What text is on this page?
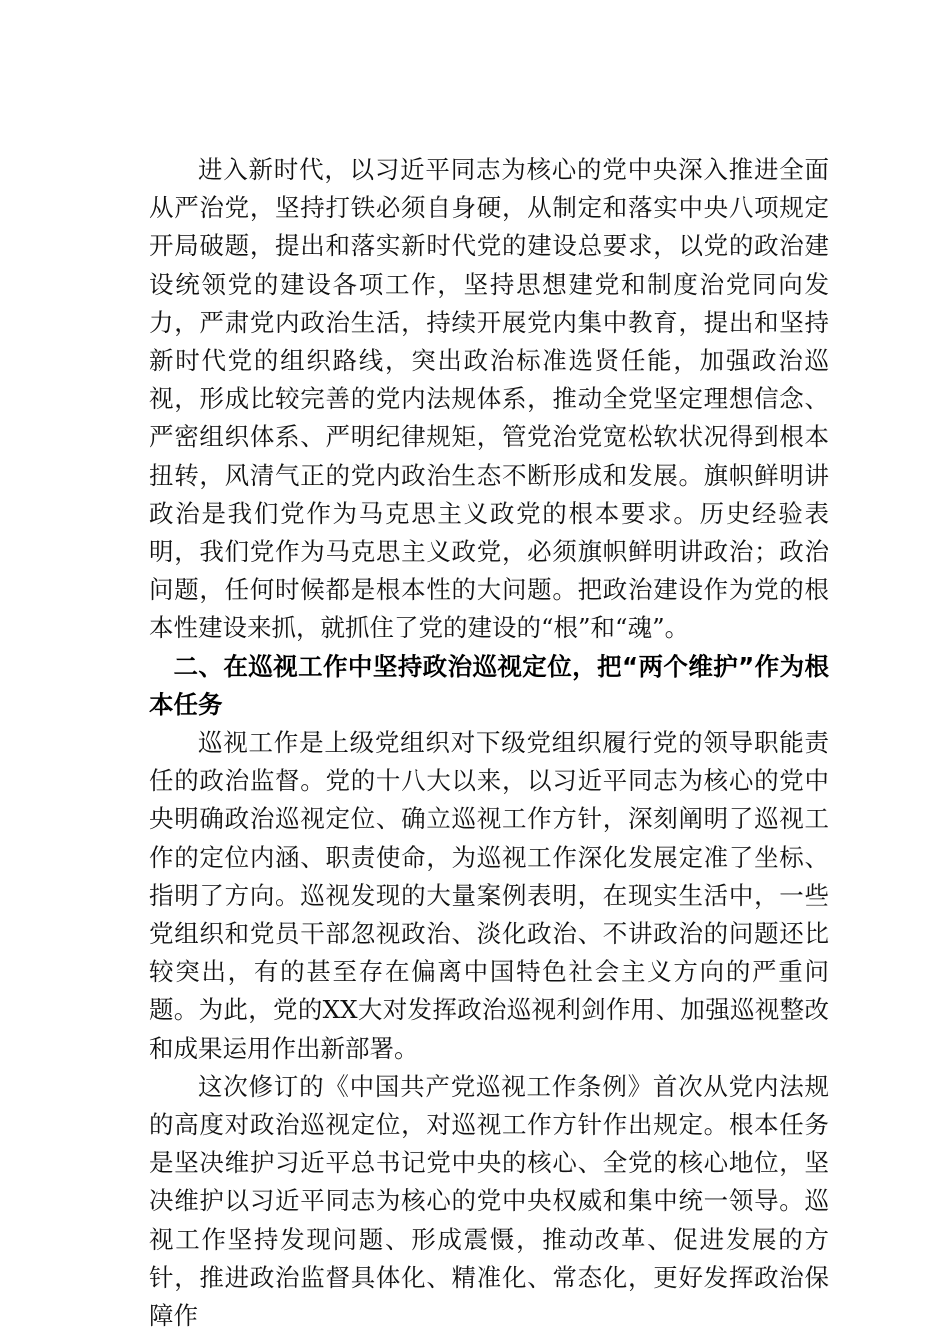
进入新时代，以习近平同志为核心的党中央深入推进全面从严治党，坚持打铁必须自身硬，从制定和落实中央八项规定开局破题，提出和落实新时代党的建设总要求，以党的政治建设统领党的建设各项工作，坚持思想建党和制度治党同向发力，严肃党内政治生活，持续开展党内集中教育，提出和坚持新时代党的组织路线，突出政治标准选贤任能，加强政治巡视，形成比较完善的党内法规体系，推动全党坚定理想信念、严密组织体系、严明纪律规矩，管党治党宽松软状况得到根本扭转，风清气正的党内政治生态不断形成和发展。旗帜鲜明讲政治是我们党作为马克思主义政党的根本要求。历史经验表明，我们党作为马克思主义政党，必须旗帜鲜明讲政治；政治问题，任何时候都是根本性的大问题。把政治建设作为党的根本性建设来抓，就抓住了党的建设的“根”和“魂”。

二、在巡视工作中坚持政治巡视定位，把“两个维护”作为根本任务

巡视工作是上级党组织对下级党组织履行党的领导职能责任的政治监督。党的十八大以来，以习近平同志为核心的党中央明确政治巡视定位、确立巡视工作方针，深刻阐明了巡视工作的定位内涵、职责使命，为巡视工作深化发展定准了坐标、指明了方向。巡视发现的大量案例表明，在现实生活中，一些党组织和党员干部忽视政治、淡化政治、不讲政治的问题还比较突出，有的甚至存在偏离中国特色社会主义方向的严重问题。为此，党的XX大对发挥政治巡视利剑作用、加强巡视整改和成果运用作出新部署。

这次修订的《中国共产党巡视工作条例》首次从党内法规的高度对政治巡视定位，对巡视工作方针作出规定。根本任务是坚决维护习近平总书记党中央的核心、全党的核心地位，坚决维护以习近平同志为核心的党中央权威和集中统一领导。巡视工作坚持发现问题、形成震慑，推动改革、促进发展的方针，推进政治监督具体化、精准化、常态化，更好发挥政治保障作
